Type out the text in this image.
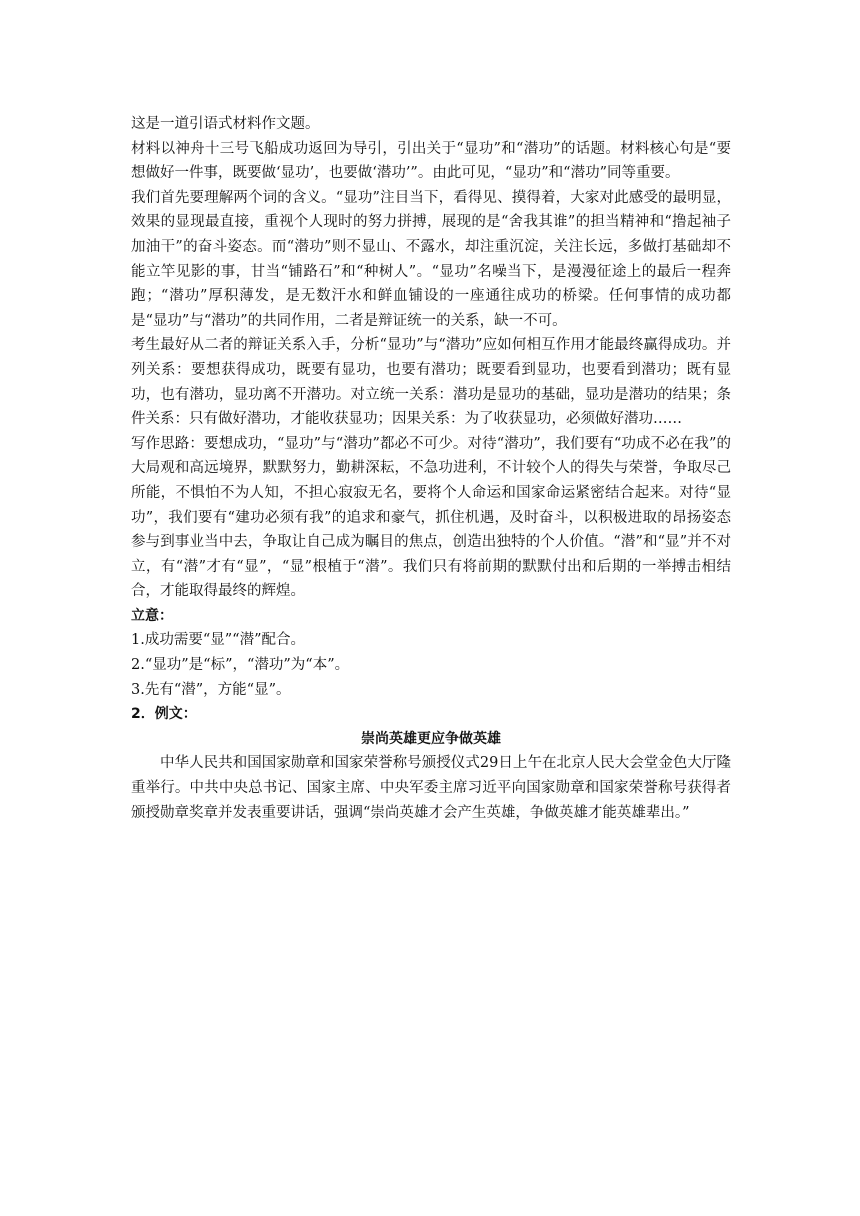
这是一道引语式材料作文题。

材料以神舟十三号飞船成功返回为导引，引出关于“显功”和“潜功”的话题。材料核心句是“要想做好一件事，既要做‘显功’，也要做‘潜功’”。由此可见，“显功”和“潜功”同等重要。

我们首先要理解两个词的含义。“显功”注目当下，看得见、摸得着，大家对此感受的最明显，效果的显现最直接，重视个人现时的努力拼搏，展现的是“舍我其谁”的担当精神和“撸起袖子加油干”的奋斗姿态。而“潜功”则不显山、不露水，却注重沉淀，关注长远，多做打基础却不能立竿见影的事，甘当“铺路石”和“种树人”。“显功”名噪当下，是漫漫征途上的最后一程奔跑；“潜功”厚积薄发，是无数汗水和鲜血铺设的一座通往成功的桥梁。任何事情的成功都是“显功”与“潜功”的共同作用，二者是辩证统一的关系，缺一不可。

考生最好从二者的辩证关系入手，分析“显功”与“潜功”应如何相互作用才能最终赢得成功。并列关系：要想获得成功，既要有显功，也要有潜功；既要看到显功，也要看到潜功；既有显功，也有潜功，显功离不开潜功。对立统一关系：潜功是显功的基础，显功是潜功的结果；条件关系：只有做好潜功，才能收获显功；因果关系：为了收获显功，必须做好潜功……

写作思路：要想成功，“显功”与“潜功”都必不可少。对待“潜功”，我们要有“功成不必在我”的大局观和高远境界，默默努力，勤耕深耘，不急功进利，不计较个人的得失与荣誉，争取尽己所能，不惧怕不为人知，不担心寂寂无名，要将个人命运和国家命运紧密结合起来。对待“显功”，我们要有“建功必须有我”的追求和豪气，抓住机遇，及时奋斗，以积极进取的昂扬姿态参与到事业当中去，争取让自己成为瞩目的焦点，创造出独特的个人价值。“潜”和“显”并不对立，有“潜”才有“显”，“显”根植于“潜”。我们只有将前期的默默付出和后期的一举搏击相结合，才能取得最终的辉煌。

立意：

1.成功需要“显”“潜”配合。

2.“显功”是“标”，“潜功”为“本”。

3.先有“潜”，方能“显”。

2．例文：

崇尚英雄更应争做英雄

中华人民共和国国家勋章和国家荣誉称号颁授仪式29日上午在北京人民大会堂金色大厅隆重举行。中共中央总书记、国家主席、中央军委主席习近平向国家勋章和国家荣誉称号获得者颁授勋章奖章并发表重要讲话，强调“崇尚英雄才会产生英雄，争做英雄才能英雄辈出。”
